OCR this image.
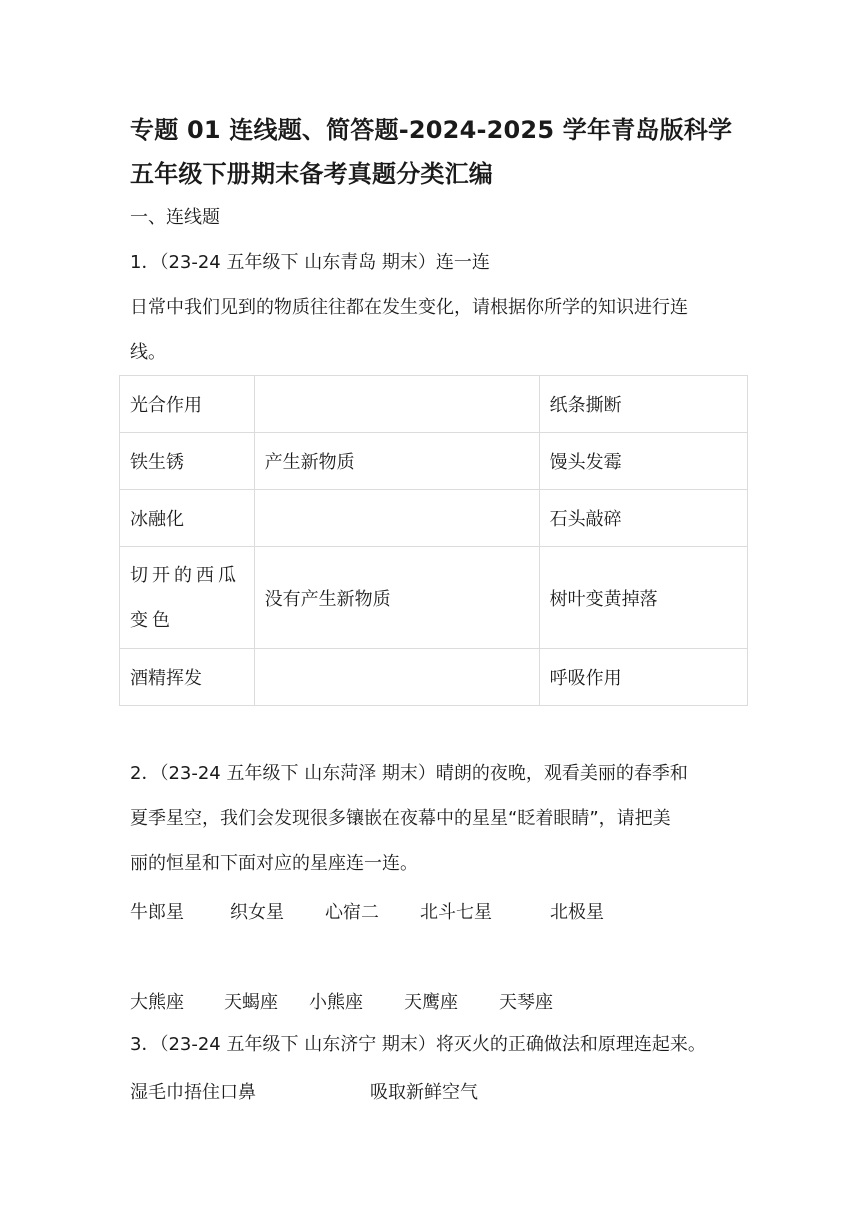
专题 01 连线题、简答题-2024-2025 学年青岛版科学
五年级下册期末备考真题分类汇编
一、连线题
1．（23-24 五年级下 山东青岛 期末）连一连
日常中我们见到的物质往往都在发生变化，请根据你所学的知识进行连
线。
光合作用		纸条撕断
铁生锈	产生新物质	馒头发霉
冰融化		石头敲碎

切开的西瓜变色	没有产生新物质	树叶变黄掉落
酒精挥发		呼吸作用
2．（23-24 五年级下 山东菏泽 期末）晴朗的夜晚，观看美丽的春季和
夏季星空，我们会发现很多镶嵌在夜幕中的星星“眨着眼睛”，请把美
丽的恒星和下面对应的星座连一连。
牛郎星	织女星 心宿二 北斗七星	北极星
大熊座 天蝎座 小熊座 天鹰座 天琴座
3．（23-24 五年级下 山东济宁 期末）将灭火的正确做法和原理连起来。
湿毛巾捂住口鼻	吸取新鲜空气
